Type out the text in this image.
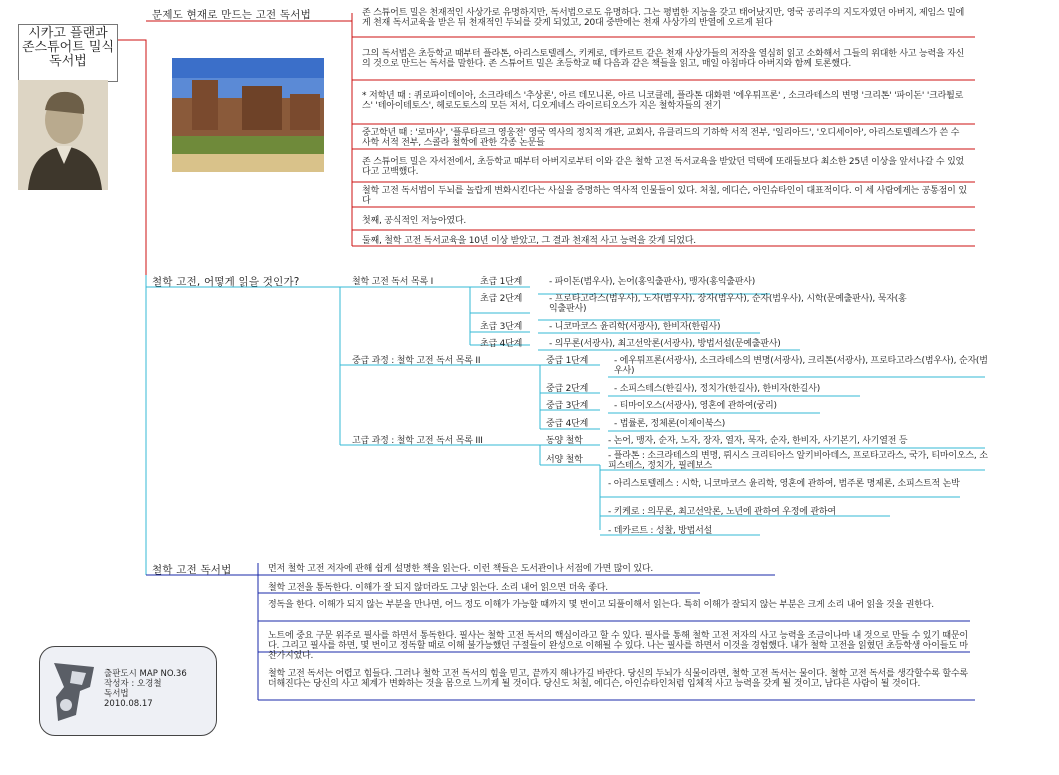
시카고 플랜과
존스튜어트 밀식
독서법
문제도 현재로 만드는 고전 독서법	존 스튜어트 밀은 천재적인 사상가로 유명하지만, 독서법으로도 유명하다. 그는 평범한 지능을 갖고 태어났지만, 영국 공리주의 지도자였던 아버지, 제임스 밀에게 천재 독서교육을 받은 뒤 천재적인 두뇌를 갖게 되었고, 20대 중반에는 천재 사상가의 반열에 오르게 된다
그의 독서법은 초등학교 때부터 플라톤, 아리스토텔레스, 키케로, 데카르트 같은 천재 사상가들의 저작을 열심히 읽고 소화해서 그들의 위대한 사고 능력을 자신의 것으로 만드는 독서를 말한다. 존 스튜어트 밀은 초등학교 때 다음과 같은 책들을 읽고, 매일 아침마다 아버지와 함께 토론했다.
* 저학년 때 : 퀴로파이데이아, 소크라테스 '추상론', 아르 데모니론, 아르 니코클레, 플라톤 대화편 '에우튀프론' , 소크라테스의 변명 '크리톤' '파이돈' '크라튈로스' '테아이테토스', 헤로도토스의 모든 저서, 디오게네스 라이르티오스가 지은 철학자들의 전기
중고학년 때 : '로마사', '플루타르크 영웅전' 영국 역사의 정치적 개관, 교회사, 유클리드의 기하학 서적 전부, '일리아드', '오디세이아', 아리스토텔레스가 쓴 수사학 서적 전부, 스콜라 철학에 관한 각종 논문들
존 스튜어트 밀은 자서전에서, 초등학교 때부터 아버지로부터 이와 같은 철학 고전 독서교육을 받았던 덕택에 또래들보다 최소한 25년 이상을 앞서나갈 수 있었다고 고백했다.
철학 고전 독서법이 두뇌를 놀랍게 변화시킨다는 사실을 증명하는 역사적 인물들이 있다. 처칠, 에디슨, 아인슈타인이 대표적이다. 이 세 사람에게는 공통점이 있다
첫째, 공식적인 저능아였다.
둘째, 철학 고전 독서교육을 10년 이상 받았고, 그 결과 천재적 사고 능력을 갖게 되었다.
철학 고전, 어떻게 읽을 것인가?	철학 고전 독서 목록 I	초급 1단계	- 파이돈(범우사), 논어(홍익출판사), 맹자(홍익출판사)
초급 2단계	- 프로타고라스(범우사), 노자(범우사), 장자(범우사), 순자(범우사), 시학(문예출판사), 묵자(홍익출판사)
초급 3단계	- 니코마코스 윤리학(서광사), 한비자(한림사)
초급 4단계	- 의무론(서광사), 최고선악론(서광사), 방법서설(문예출판사)
중급 과정 : 철학 고전 독서 목록 II	중급 1단계	- 에우튀프론(서광사), 소크라테스의 변명(서광사), 크리톤(서광사), 프로타고라스(범우사), 순자(범우사)
중급 2단계	- 소피스테스(한길사), 정치가(한길사), 한비자(한길사)
중급 3단계	- 티마이오스(서광사), 영혼에 관하여(궁리)
중급 4단계	- 법률론, 정체론(이제이북스)
고급 과정 : 철학 고전 독서 목록 III	동양 철학	- 논어, 맹자, 순자, 노자, 장자, 열자, 묵자, 순자, 한비자, 사기본기, 사기열전 등
서양 철학	- 플라톤 : 소크라테스의 변명, 뤼시스 크리티아스 알키비아데스, 프로타고라스, 국가, 티마이오스, 소피스테스, 정치가, 필레보스
- 아리스토텔레스 : 시학, 니코마코스 윤리학, 영혼에 관하여, 범주론 명제론, 소피스트적 논박
- 키케로 : 의무론, 최고선악론, 노년에 관하여 우정에 관하여
- 데카르트 : 성찰, 방법서설
철학 고전 독서법	먼저 철학 고전 저자에 관해 쉽게 설명한 책을 읽는다. 이런 책들은 도서관이나 서점에 가면 많이 있다.
철학 고전을 통독한다. 이해가 잘 되지 않더라도 그냥 읽는다. 소리 내어 읽으면 더욱 좋다.
정독을 한다. 이해가 되지 않는 부분을 만나면, 어느 정도 이해가 가능할 때까지 몇 번이고 되풀이해서 읽는다. 특히 이해가 잘되지 않는 부분은 크게 소리 내어 읽을 것을 권한다.
노트에 중요 구문 위주로 필사를 하면서 통독한다. 필사는 철학 고전 독서의 핵심이라고 할 수 있다. 필사를 통해 철학 고전 저자의 사고 능력을 조금이나마 내 것으로 만들 수 있기 때문이다. 그리고 필사를 하면, 몇 번이고 정독할 때로 이해 불가능했던 구절들이 완성으로 이해될 수 있다. 나는 필사를 하면서 이것을 경험했다. 내가 철학 고전을 읽혔던 초등학생 아이들도 마찬가지였다.
철학 고전 독서는 어렵고 힘들다. 그러나 철학 고전 독서의 힘을 믿고, 끝까지 해나가길 바란다. 당신의 두뇌가 식물이라면, 철학 고전 독서는 물이다. 철학 고전 독서를 생각할수록 할수록 더해진다는 당신의 사고 체계가 변화하는 것을 몸으로 느끼게 될 것이다. 당신도 처칠, 에디슨, 아인슈타인처럼 입체적 사고 능력을 갖게 될 것이고, 남다른 사람이 될 것이다.
출판도시 MAP NO.36
작성자 : 오경철
독서법
2010.08.17
